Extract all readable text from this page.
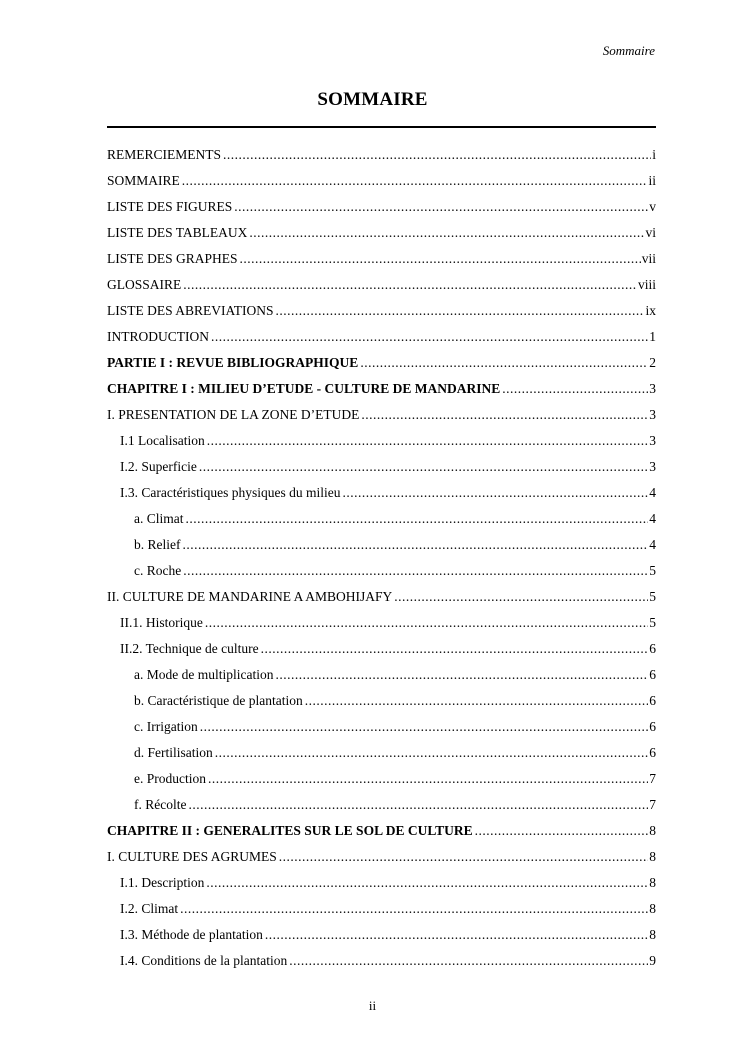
Sommaire
SOMMAIRE
REMERCIEMENTS .....	i
SOMMAIRE .....	ii
LISTE DES FIGURES .....	v
LISTE DES TABLEAUX .....	vi
LISTE DES GRAPHES .....	vii
GLOSSAIRE .....	viii
LISTE DES ABREVIATIONS .....	ix
INTRODUCTION .....	1
PARTIE I : REVUE BIBLIOGRAPHIQUE .....	2
CHAPITRE I : MILIEU D’ETUDE - CULTURE DE MANDARINE .....	3
I. PRESENTATION DE LA ZONE D’ETUDE .....	3
I.1 Localisation .....	3
I.2. Superficie .....	3
I.3. Caractéristiques physiques du milieu .....	4
a. Climat .....	4
b. Relief .....	4
c. Roche .....	5
II. CULTURE DE MANDARINE A AMBOHIJAFY .....	5
II.1. Historique .....	5
II.2. Technique de culture .....	6
a. Mode de multiplication .....	6
b. Caractéristique de plantation .....	6
c. Irrigation .....	6
d. Fertilisation .....	6
e. Production .....	7
f. Récolte .....	7
CHAPITRE II : GENERALITES SUR LE SOL DE CULTURE .....	8
I. CULTURE DES AGRUMES .....	8
I.1. Description .....	8
I.2. Climat .....	8
I.3. Méthode de plantation .....	8
I.4. Conditions de la plantation .....	9
ii
